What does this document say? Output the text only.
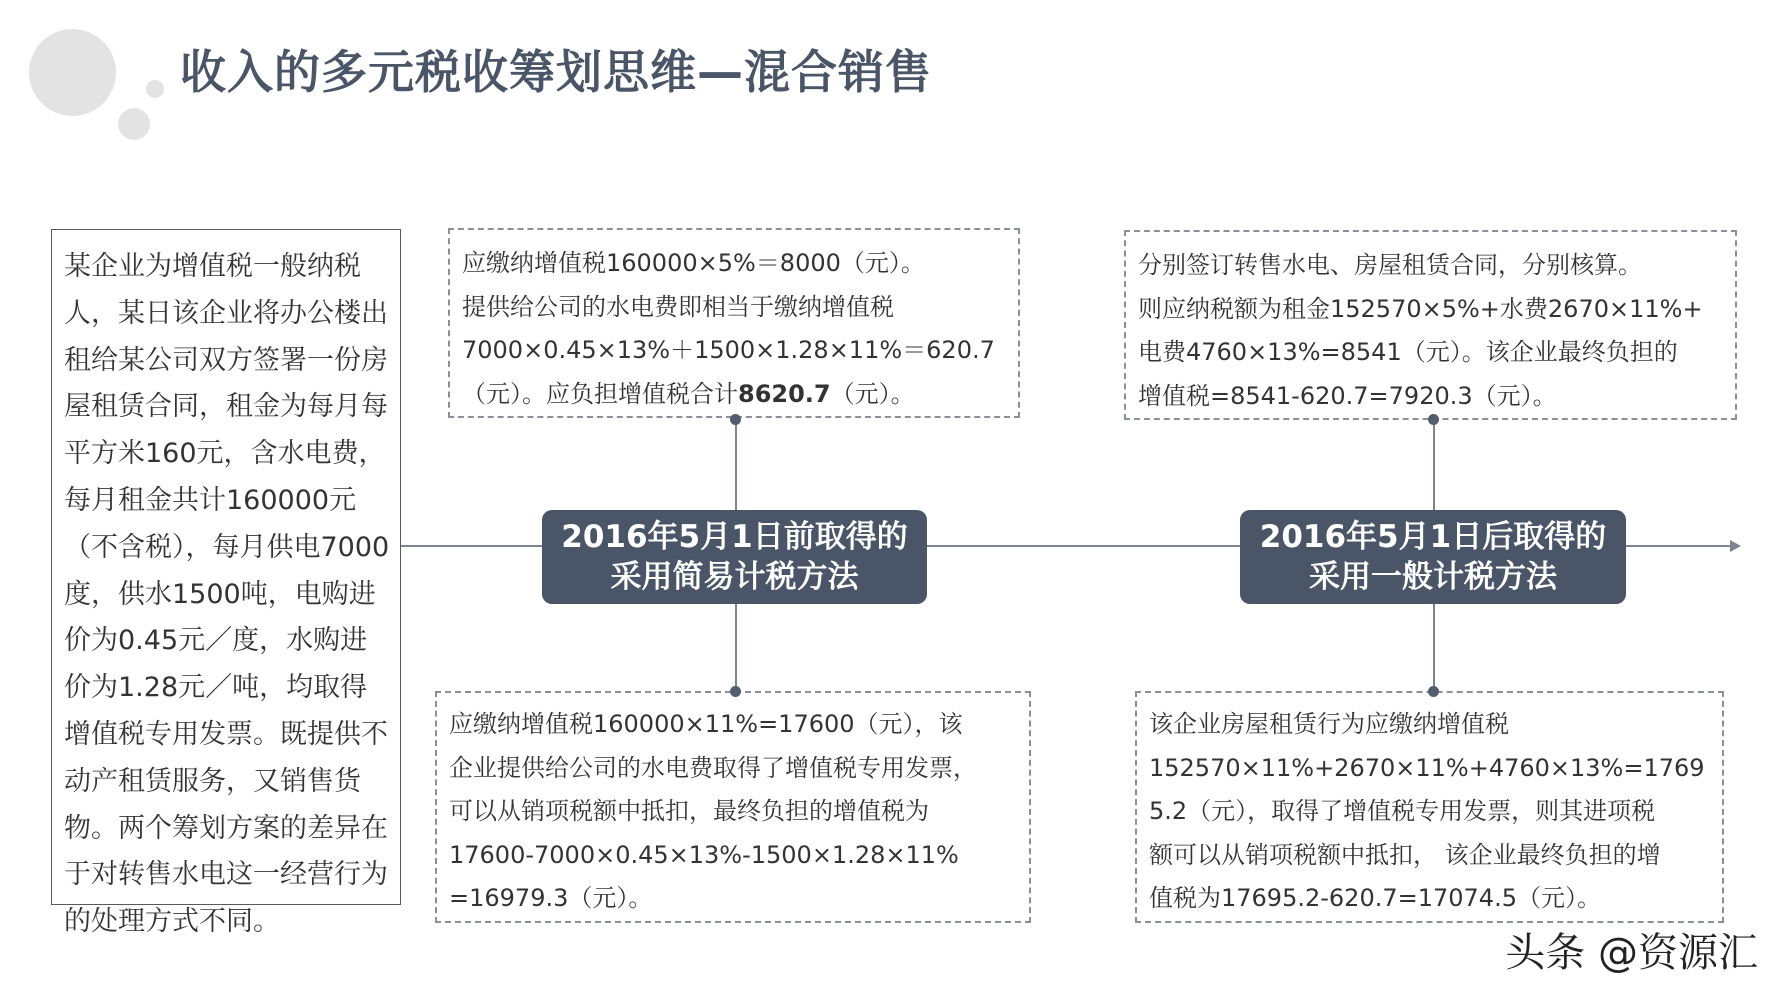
收入的多元税收筹划思维—混合销售
某企业为增值税一般纳税人，某日该企业将办公楼出租给某公司双方签署一份房屋租赁合同，租金为每月每平方米160元，含水电费，每月租金共计160000元（不含税），每月供电7000度，供水1500吨，电购进价为0.45元／度，水购进价为1.28元／吨，均取得增值税专用发票。既提供不动产租赁服务，又销售货物。两个筹划方案的差异在于对转售水电这一经营行为的处理方式不同。
应缴纳增值税160000×5%＝8000（元）。
提供给公司的水电费即相当于缴纳增值税
7000×0.45×13%＋1500×1.28×11%＝620.7
（元）。应负担增值税合计8620.7（元）。
应缴纳增值税160000×11%=17600（元），该
企业提供给公司的水电费取得了增值税专用发票，
可以从销项税额中抵扣，最终负担的增值税为
17600-7000×0.45×13%-1500×1.28×11%
=16979.3（元）。
分别签订转售水电、房屋租赁合同，分别核算。
则应纳税额为租金152570×5%+水费2670×11%+
电费4760×13%=8541（元）。该企业最终负担的
增值税=8541-620.7=7920.3（元）。
该企业房屋租赁行为应缴纳增值税
152570×11%+2670×11%+4760×13%=1769
5.2（元），取得了增值税专用发票，则其进项税
额可以从销项税额中抵扣， 该企业最终负担的增
值税为17695.2-620.7=17074.5（元）。
2016年5月1日前取得的
采用简易计税方法
2016年5月1日后取得的
采用一般计税方法
头条 @资源汇
